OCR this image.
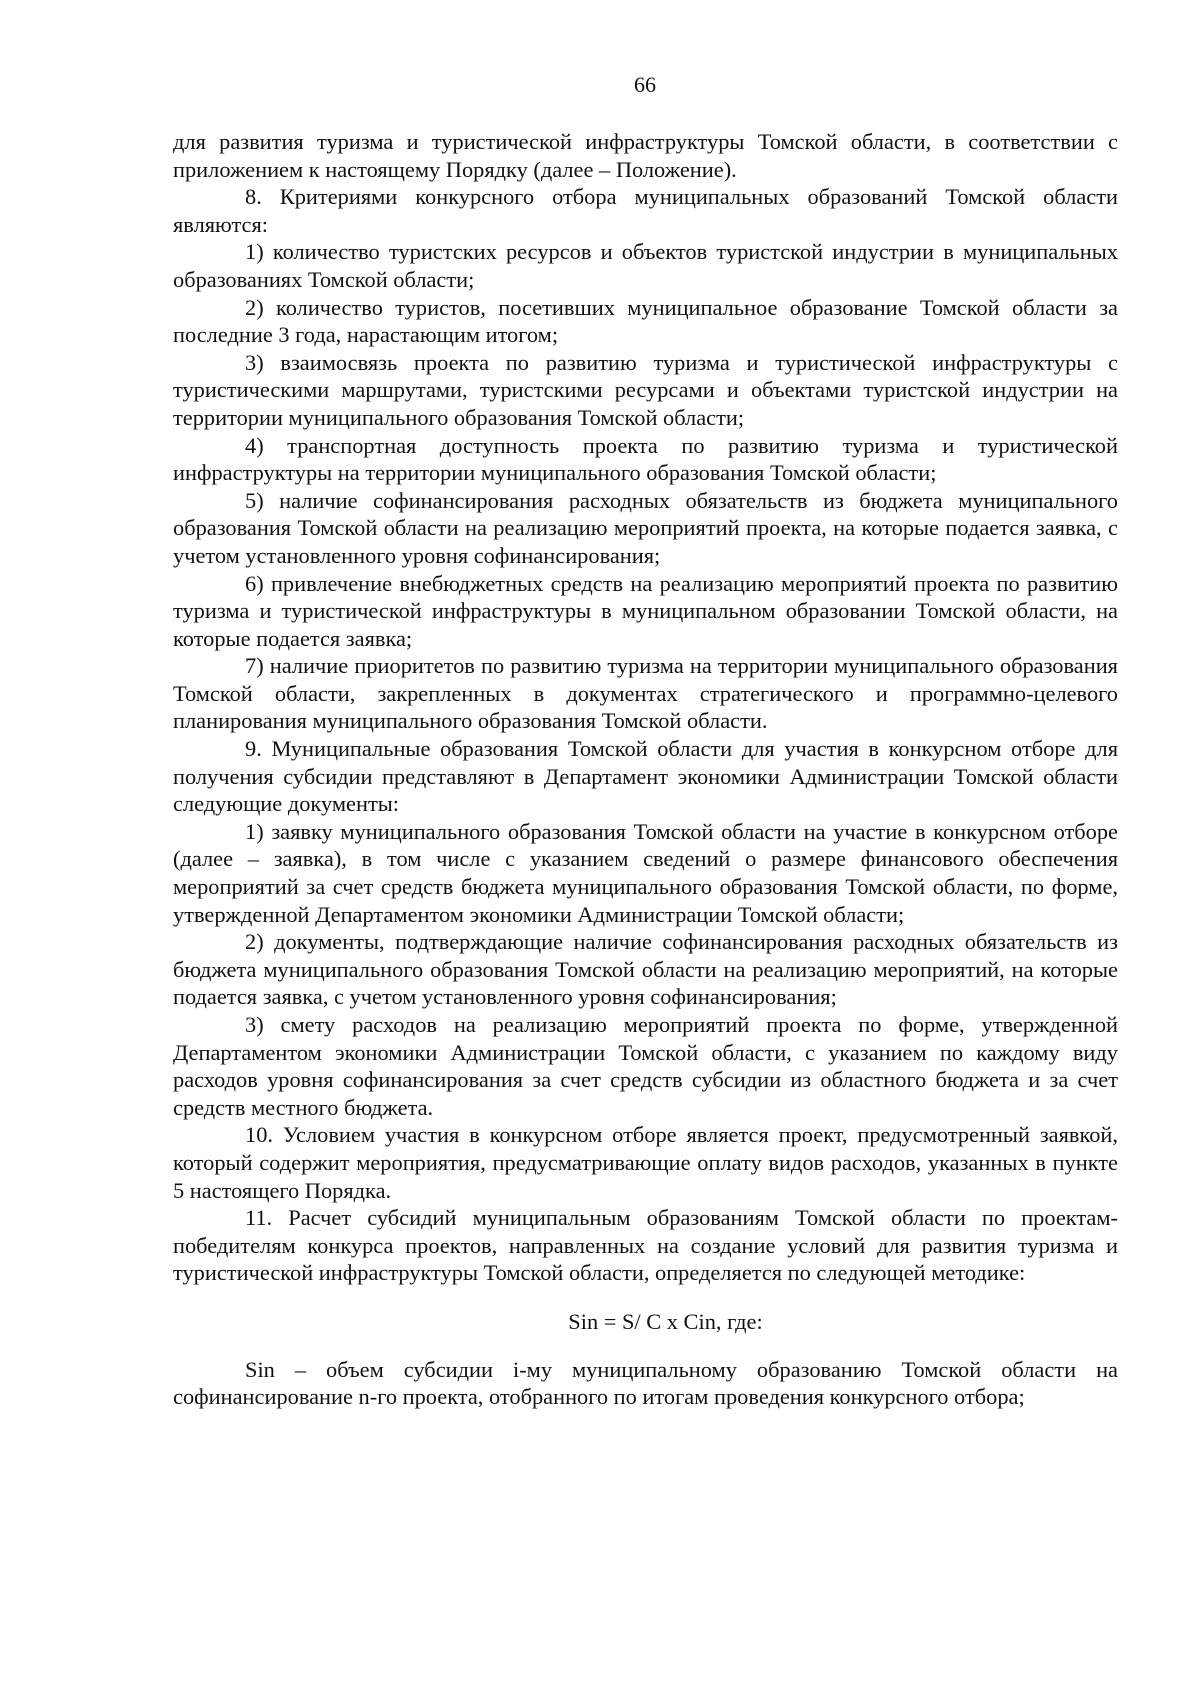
66

для развития туризма и туристической инфраструктуры Томской области, в соответствии с приложением к настоящему Порядку (далее – Положение).

8. Критериями конкурсного отбора муниципальных образований Томской области являются:

1) количество туристских ресурсов и объектов туристской индустрии в муниципальных образованиях Томской области;

2) количество туристов, посетивших муниципальное образование Томской области за последние 3 года, нарастающим итогом;

3) взаимосвязь проекта по развитию туризма и туристической инфраструктуры с туристическими маршрутами, туристскими ресурсами и объектами туристской индустрии на территории муниципального образования Томской области;

4) транспортная доступность проекта по развитию туризма и туристической инфраструктуры на территории муниципального образования Томской области;

5) наличие софинансирования расходных обязательств из бюджета муниципального образования Томской области на реализацию мероприятий проекта, на которые подается заявка, с учетом установленного уровня софинансирования;

6) привлечение внебюджетных средств на реализацию мероприятий проекта по развитию туризма и туристической инфраструктуры в муниципальном образовании Томской области, на которые подается заявка;

7) наличие приоритетов по развитию туризма на территории муниципального образования Томской области, закрепленных в документах стратегического и программно-целевого планирования муниципального образования Томской области.

9. Муниципальные образования Томской области для участия в конкурсном отборе для получения субсидии представляют в Департамент экономики Администрации Томской области следующие документы:

1) заявку муниципального образования Томской области на участие в конкурсном отборе (далее – заявка), в том числе с указанием сведений о размере финансового обеспечения мероприятий за счет средств бюджета муниципального образования Томской области, по форме, утвержденной Департаментом экономики Администрации Томской области;

2) документы, подтверждающие наличие софинансирования расходных обязательств из бюджета муниципального образования Томской области на реализацию мероприятий, на которые подается заявка, с учетом установленного уровня софинансирования;

3) смету расходов на реализацию мероприятий проекта по форме, утвержденной Департаментом экономики Администрации Томской области, с указанием по каждому виду расходов уровня софинансирования за счет средств субсидии из областного бюджета и за счет средств местного бюджета.

10. Условием участия в конкурсном отборе является проект, предусмотренный заявкой, который содержит мероприятия, предусматривающие оплату видов расходов, указанных в пункте 5 настоящего Порядка.

11. Расчет субсидий муниципальным образованиям Томской области по проектам-победителям конкурса проектов, направленных на создание условий для развития туризма и туристической инфраструктуры Томской области, определяется по следующей методике:

Sin = S/ C x Cin, где:

Sin – объем субсидии i-му муниципальному образованию Томской области на софинансирование n-го проекта, отобранного по итогам проведения конкурсного отбора;
